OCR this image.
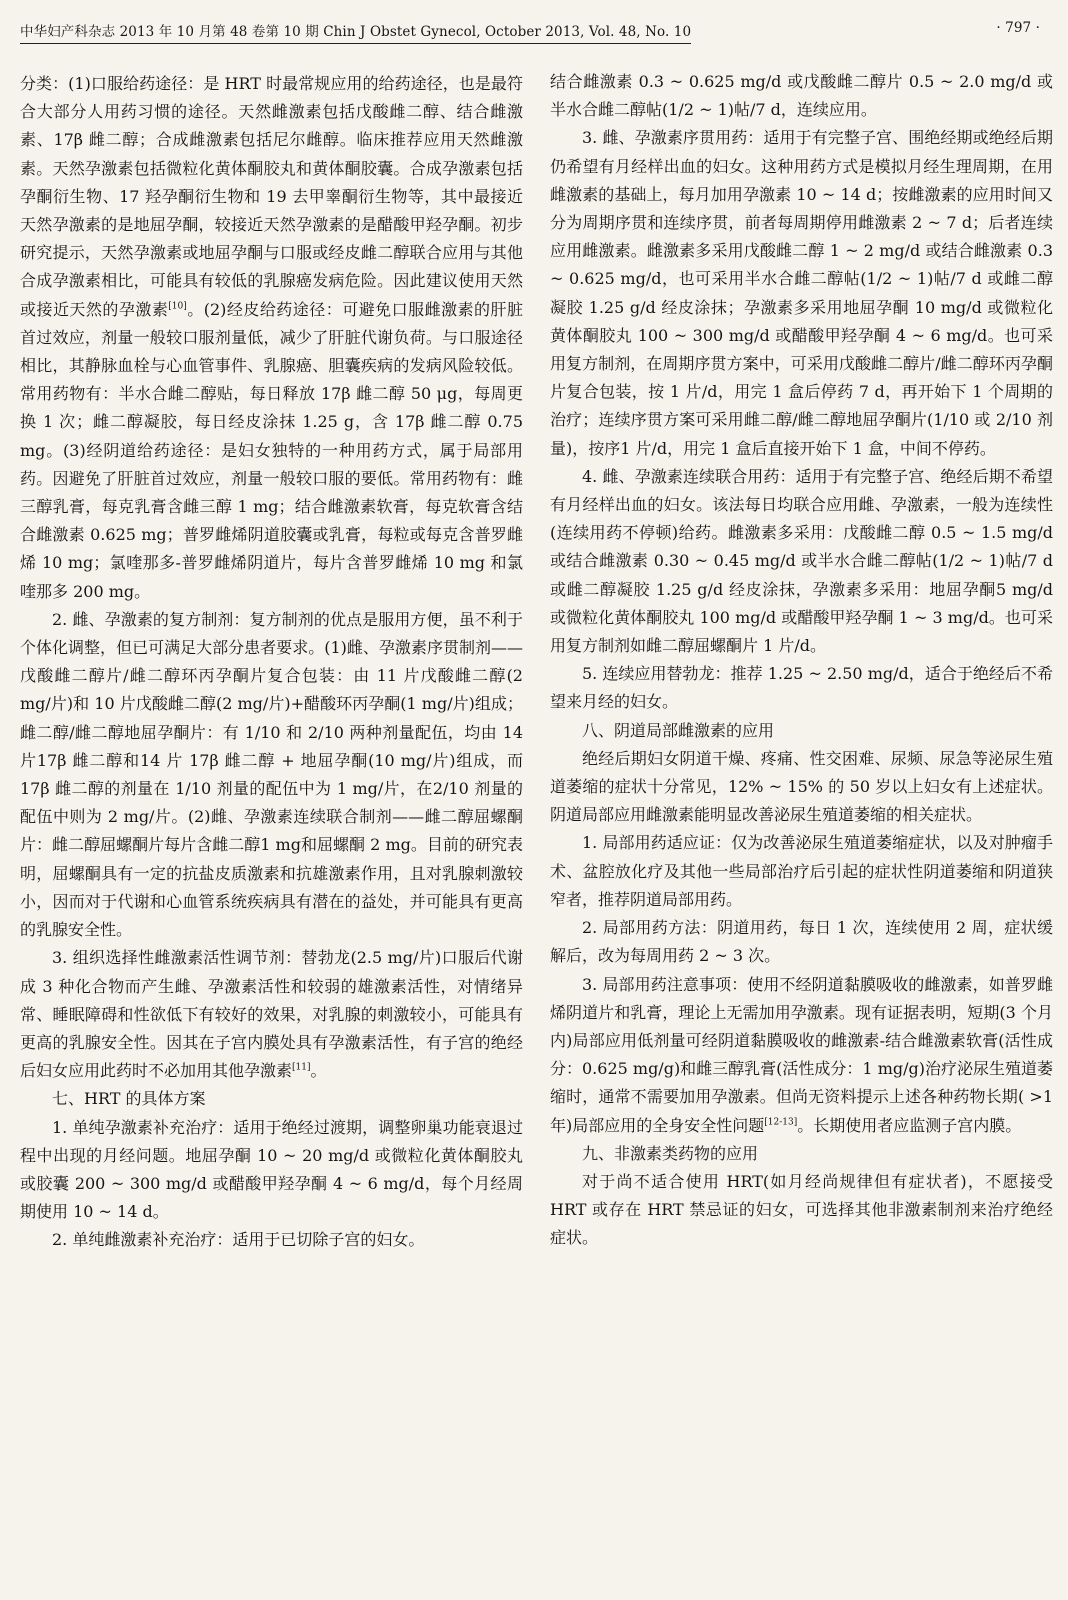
中华妇产科杂志 2013 年 10 月第 48 卷第 10 期 Chin J Obstet Gynecol, October 2013, Vol. 48, No. 10	· 797 ·

分类：(1)口服给药途径：是 HRT 时最常规应用的给药途径，也是最符合大部分人用药习惯的途径。天然雌激素包括戊酸雌二醇、结合雌激素、17β 雌二醇；合成雌激素包括尼尔雌醇。临床推荐应用天然雌激素。天然孕激素包括微粒化黄体酮胶丸和黄体酮胶囊。合成孕激素包括孕酮衍生物、17 羟孕酮衍生物和 19 去甲睾酮衍生物等，其中最接近天然孕激素的是地屈孕酮，较接近天然孕激素的是醋酸甲羟孕酮。初步研究提示，天然孕激素或地屈孕酮与口服或经皮雌二醇联合应用与其他合成孕激素相比，可能具有较低的乳腺癌发病危险。因此建议使用天然或接近天然的孕激素[10]。(2)经皮给药途径：可避免口服雌激素的肝脏首过效应，剂量一般较口服剂量低，减少了肝脏代谢负荷。与口服途径相比，其静脉血栓与心血管事件、乳腺癌、胆囊疾病的发病风险较低。常用药物有：半水合雌二醇贴，每日释放 17β 雌二醇 50 μg，每周更换 1 次；雌二醇凝胶，每日经皮涂抹 1.25 g，含 17β 雌二醇 0.75 mg。(3)经阴道给药途径：是妇女独特的一种用药方式，属于局部用药。因避免了肝脏首过效应，剂量一般较口服的要低。常用药物有：雌三醇乳膏，每克乳膏含雌三醇 1 mg；结合雌激素软膏，每克软膏含结合雌激素 0.625 mg；普罗雌烯阴道胶囊或乳膏，每粒或每克含普罗雌烯 10 mg；氯喹那多-普罗雌烯阴道片，每片含普罗雌烯 10 mg 和氯喹那多 200 mg。

2. 雌、孕激素的复方制剂：复方制剂的优点是服用方便，虽不利于个体化调整，但已可满足大部分患者要求。(1)雌、孕激素序贯制剂——戊酸雌二醇片/雌二醇环丙孕酮片复合包装：由 11 片戊酸雌二醇(2 mg/片)和 10 片戊酸雌二醇(2 mg/片)+醋酸环丙孕酮(1 mg/片)组成；雌二醇/雌二醇地屈孕酮片：有 1/10 和 2/10 两种剂量配伍，均由 14 片17β 雌二醇和14 片 17β 雌二醇 + 地屈孕酮(10 mg/片)组成，而 17β 雌二醇的剂量在 1/10 剂量的配伍中为 1 mg/片，在2/10 剂量的配伍中则为 2 mg/片。(2)雌、孕激素连续联合制剂——雌二醇屈螺酮片：雌二醇屈螺酮片每片含雌二醇1 mg和屈螺酮 2 mg。目前的研究表明，屈螺酮具有一定的抗盐皮质激素和抗雄激素作用，且对乳腺刺激较小，因而对于代谢和心血管系统疾病具有潜在的益处，并可能具有更高的乳腺安全性。

3. 组织选择性雌激素活性调节剂：替勃龙(2.5 mg/片)口服后代谢成 3 种化合物而产生雌、孕激素活性和较弱的雄激素活性，对情绪异常、睡眠障碍和性欲低下有较好的效果，对乳腺的刺激较小，可能具有更高的乳腺安全性。因其在子宫内膜处具有孕激素活性，有子宫的绝经后妇女应用此药时不必加用其他孕激素[11]。

七、HRT 的具体方案

1. 单纯孕激素补充治疗：适用于绝经过渡期，调整卵巢功能衰退过程中出现的月经问题。地屈孕酮 10 ~ 20 mg/d 或微粒化黄体酮胶丸或胶囊 200 ~ 300 mg/d 或醋酸甲羟孕酮 4 ~ 6 mg/d，每个月经周期使用 10 ~ 14 d。

2. 单纯雌激素补充治疗：适用于已切除子宫的妇女。

结合雌激素 0.3 ~ 0.625 mg/d 或戊酸雌二醇片 0.5 ~ 2.0 mg/d 或半水合雌二醇帖(1/2 ~ 1)帖/7 d，连续应用。

3. 雌、孕激素序贯用药：适用于有完整子宫、围绝经期或绝经后期仍希望有月经样出血的妇女。这种用药方式是模拟月经生理周期，在用雌激素的基础上，每月加用孕激素 10 ~ 14 d；按雌激素的应用时间又分为周期序贯和连续序贯，前者每周期停用雌激素 2 ~ 7 d；后者连续应用雌激素。雌激素多采用戊酸雌二醇 1 ~ 2 mg/d 或结合雌激素 0.3 ~ 0.625 mg/d，也可采用半水合雌二醇帖(1/2 ~ 1)帖/7 d 或雌二醇凝胶 1.25 g/d 经皮涂抹；孕激素多采用地屈孕酮 10 mg/d 或微粒化黄体酮胶丸 100 ~ 300 mg/d 或醋酸甲羟孕酮 4 ~ 6 mg/d。也可采用复方制剂，在周期序贯方案中，可采用戊酸雌二醇片/雌二醇环丙孕酮片复合包装，按 1 片/d，用完 1 盒后停药 7 d，再开始下 1 个周期的治疗；连续序贯方案可采用雌二醇/雌二醇地屈孕酮片(1/10 或 2/10 剂量)，按序1 片/d，用完 1 盒后直接开始下 1 盒，中间不停药。

4. 雌、孕激素连续联合用药：适用于有完整子宫、绝经后期不希望有月经样出血的妇女。该法每日均联合应用雌、孕激素，一般为连续性(连续用药不停顿)给药。雌激素多采用：戊酸雌二醇 0.5 ~ 1.5 mg/d 或结合雌激素 0.30 ~ 0.45 mg/d 或半水合雌二醇帖(1/2 ~ 1)帖/7 d 或雌二醇凝胶 1.25 g/d 经皮涂抹，孕激素多采用：地屈孕酮5 mg/d 或微粒化黄体酮胶丸 100 mg/d 或醋酸甲羟孕酮 1 ~ 3 mg/d。也可采用复方制剂如雌二醇屈螺酮片 1 片/d。

5. 连续应用替勃龙：推荐 1.25 ~ 2.50 mg/d，适合于绝经后不希望来月经的妇女。

八、阴道局部雌激素的应用

绝经后期妇女阴道干燥、疼痛、性交困难、尿频、尿急等泌尿生殖道萎缩的症状十分常见，12% ~ 15% 的 50 岁以上妇女有上述症状。阴道局部应用雌激素能明显改善泌尿生殖道萎缩的相关症状。

1. 局部用药适应证：仅为改善泌尿生殖道萎缩症状，以及对肿瘤手术、盆腔放化疗及其他一些局部治疗后引起的症状性阴道萎缩和阴道狭窄者，推荐阴道局部用药。

2. 局部用药方法：阴道用药，每日 1 次，连续使用 2 周，症状缓解后，改为每周用药 2 ~ 3 次。

3. 局部用药注意事项：使用不经阴道黏膜吸收的雌激素，如普罗雌烯阴道片和乳膏，理论上无需加用孕激素。现有证据表明，短期(3 个月内)局部应用低剂量可经阴道黏膜吸收的雌激素-结合雌激素软膏(活性成分：0.625 mg/g)和雌三醇乳膏(活性成分：1 mg/g)治疗泌尿生殖道萎缩时，通常不需要加用孕激素。但尚无资料提示上述各种药物长期( >1 年)局部应用的全身安全性问题[12-13]。长期使用者应监测子宫内膜。

九、非激素类药物的应用

对于尚不适合使用 HRT(如月经尚规律但有症状者)，不愿接受 HRT 或存在 HRT 禁忌证的妇女，可选择其他非激素制剂来治疗绝经症状。
